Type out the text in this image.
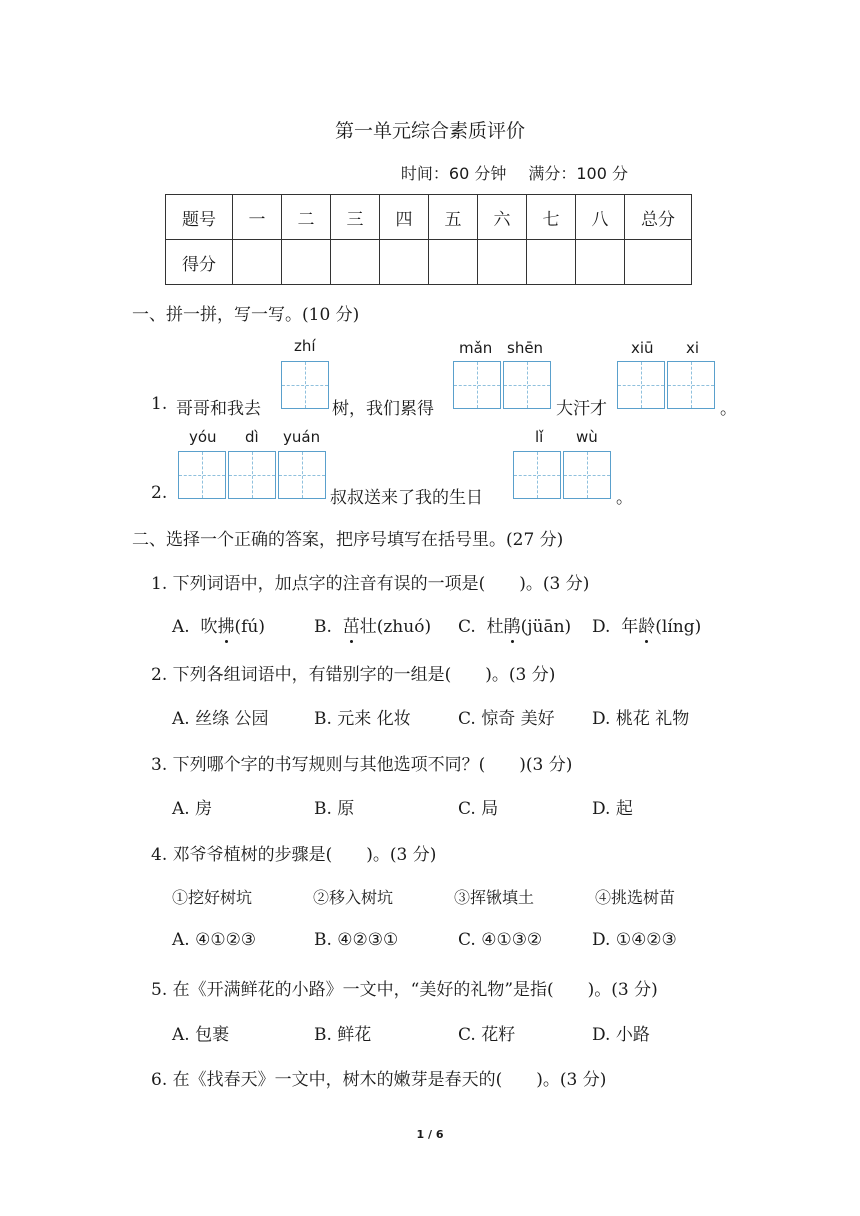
第一单元综合素质评价
时间：60 分钟 满分：100 分
题号	一	二	三	四	五	六	七	八	总分
得分									
一、拼一拼，写一写。(10 分)
zhí	mǎn shēn	xiū xi
1. 哥哥和我去	树，我们累得	大汗才	。
yóu dì yuán	lǐ wù
2.	叔叔送来了我的生日	。
二、选择一个正确的答案，把序号填写在括号里。(27 分)
1. 下列词语中，加点字的注音有误的一项是(　　)。(3 分)
A. 吹拂(fú)	B. 茁壮(zhuó) C. 杜鹃(jüān) D. 年龄(líng)
2. 下列各组词语中，有错别字的一组是(　　)。(3 分)
A. 丝绦 公园	B. 元来 化妆	C. 惊奇 美好 D. 桃花 礼物
3. 下列哪个字的书写规则与其他选项不同？(　　)(3 分)
A. 房	B. 原	C. 局	D. 起
4. 邓爷爷植树的步骤是(　　)。(3 分)
①挖好树坑	②移入树坑	③挥锹填土	④挑选树苗
A. ④①②③	B. ④②③①	C. ④①③②	D. ①④②③
5. 在《开满鲜花的小路》一文中，“美好的礼物”是指(　　)。(3 分)
A. 包裹	B. 鲜花	C. 花籽	D. 小路
6. 在《找春天》一文中，树木的嫩芽是春天的(　　)。(3 分)
1 / 6
